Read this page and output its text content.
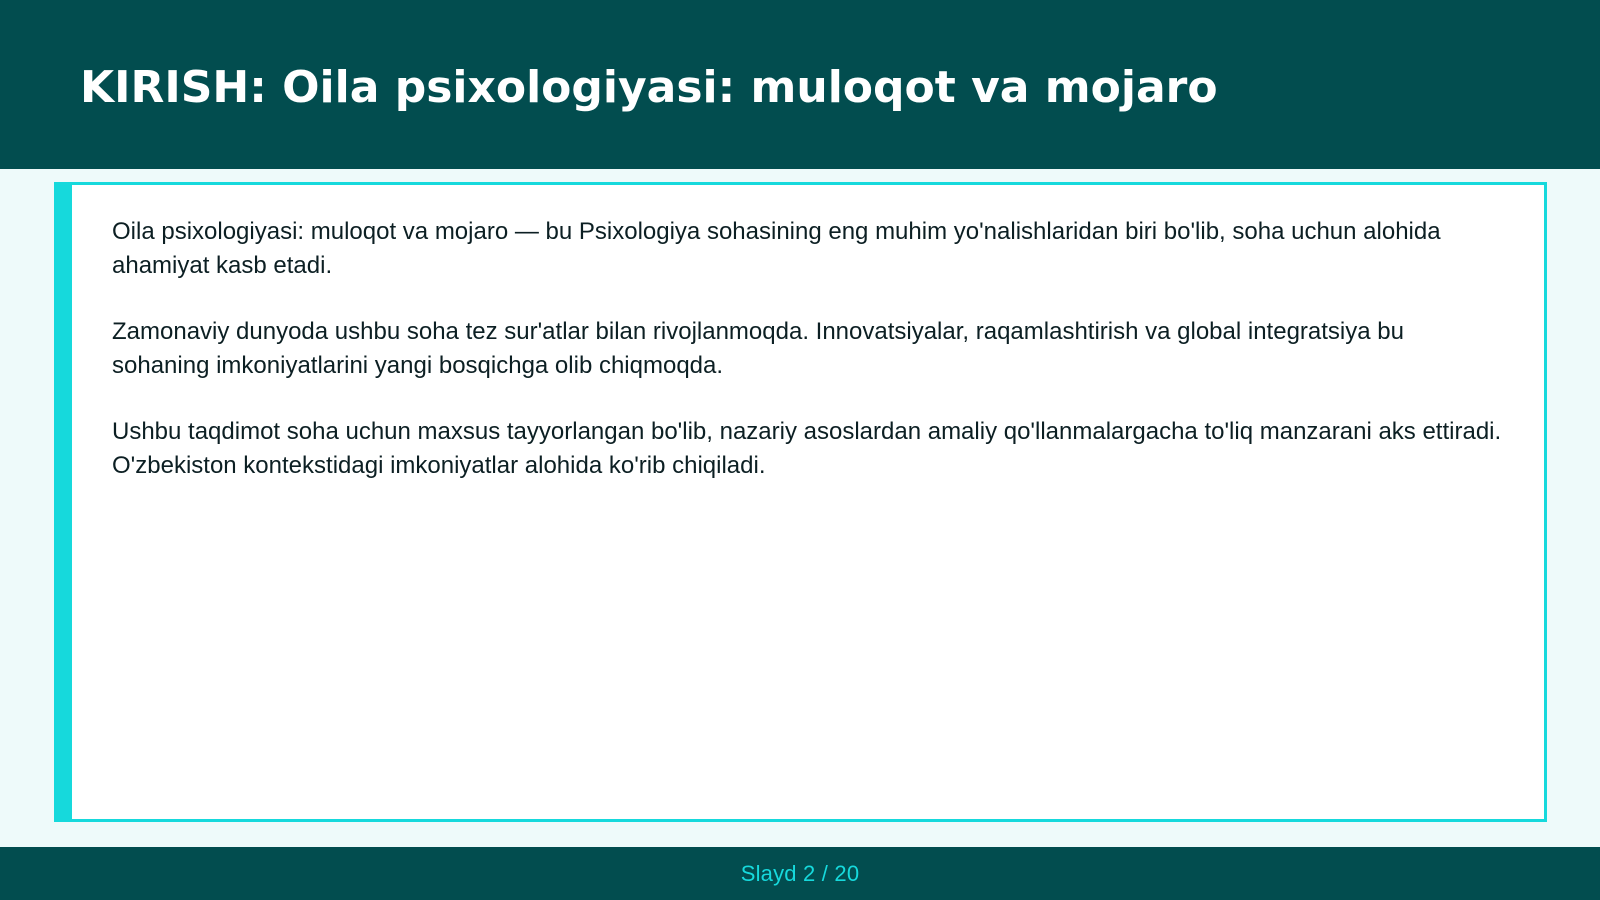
KIRISH: Oila psixologiyasi: muloqot va mojaro

Oila psixologiyasi: muloqot va mojaro — bu Psixologiya sohasining eng muhim yo'nalishlaridan biri bo'lib, soha uchun alohida ahamiyat kasb etadi.

Zamonaviy dunyoda ushbu soha tez sur'atlar bilan rivojlanmoqda. Innovatsiyalar, raqamlashtirish va global integratsiya bu sohaning imkoniyatlarini yangi bosqichga olib chiqmoqda.

Ushbu taqdimot soha uchun maxsus tayyorlangan bo'lib, nazariy asoslardan amaliy qo'llanmalargacha to'liq manzarani aks ettiradi. O'zbekiston kontekstidagi imkoniyatlar alohida ko'rib chiqiladi.

Slayd 2 / 20
